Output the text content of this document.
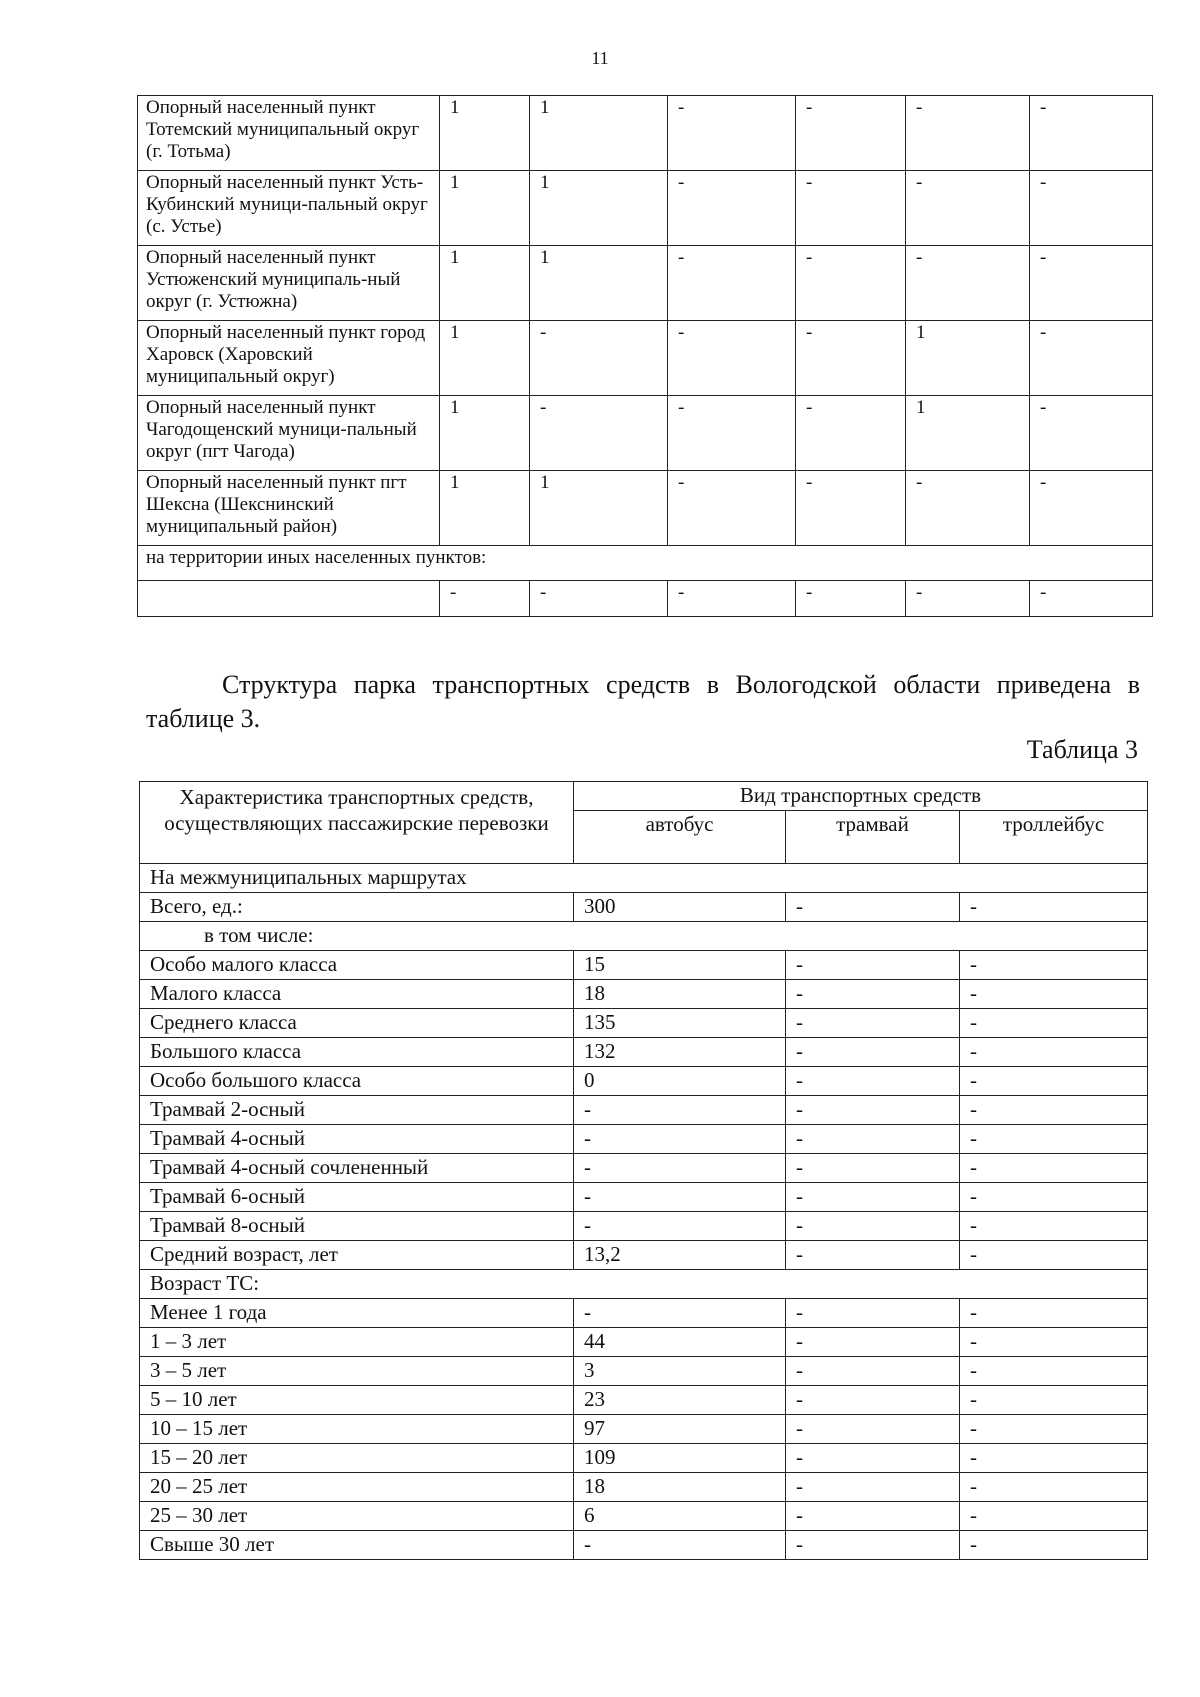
11
Опорный населенный пункт Тотемский муниципальный округ (г. Тотьма)	1	1	-	-	-	-
Опорный населенный пункт Усть-Кубинский муници-пальный округ (с. Устье)	1	1	-	-	-	-
Опорный населенный пункт Устюженский муниципаль-ный округ (г. Устюжна)	1	1	-	-	-	-
Опорный населенный пункт город Харовск (Харовский муниципальный округ)	1	-	-	-	1	-
Опорный населенный пункт Чагодощенский муници-пальный округ (пгт Чагода)	1	-	-	-	1	-
Опорный населенный пункт пгт Шексна (Шекснинский муниципальный район)	1	1	-	-	-	-
на территории иных населенных пунктов:						
	-	-	-	-	-	-

Структура парка транспортных средств в Вологодской области приведена в таблице 3.

Таблица 3
Характеристика транспортных средств, осуществляющих пассажирские перевозки	Вид транспортных средств		
	автобус	трамвай	троллейбус
На межмуниципальных маршрутах			
Всего, ед.:	300	-	-
в том числе:			
Особо малого класса	15	-	-
Малого класса	18	-	-
Среднего класса	135	-	-
Большого класса	132	-	-
Особо большого класса	0	-	-
Трамвай 2-осный	-	-	-
Трамвай 4-осный	-	-	-
Трамвай 4-осный сочлененный	-	-	-
Трамвай 6-осный	-	-	-
Трамвай 8-осный	-	-	-
Средний возраст, лет	13,2	-	-
Возраст ТС:			
Менее 1 года	-	-	-
1 – 3 лет	44	-	-
3 – 5 лет	3	-	-
5 – 10 лет	23	-	-
10 – 15 лет	97	-	-
15 – 20 лет	109	-	-
20 – 25 лет	18	-	-
25 – 30 лет	6	-	-
Свыше 30 лет	-	-	-
